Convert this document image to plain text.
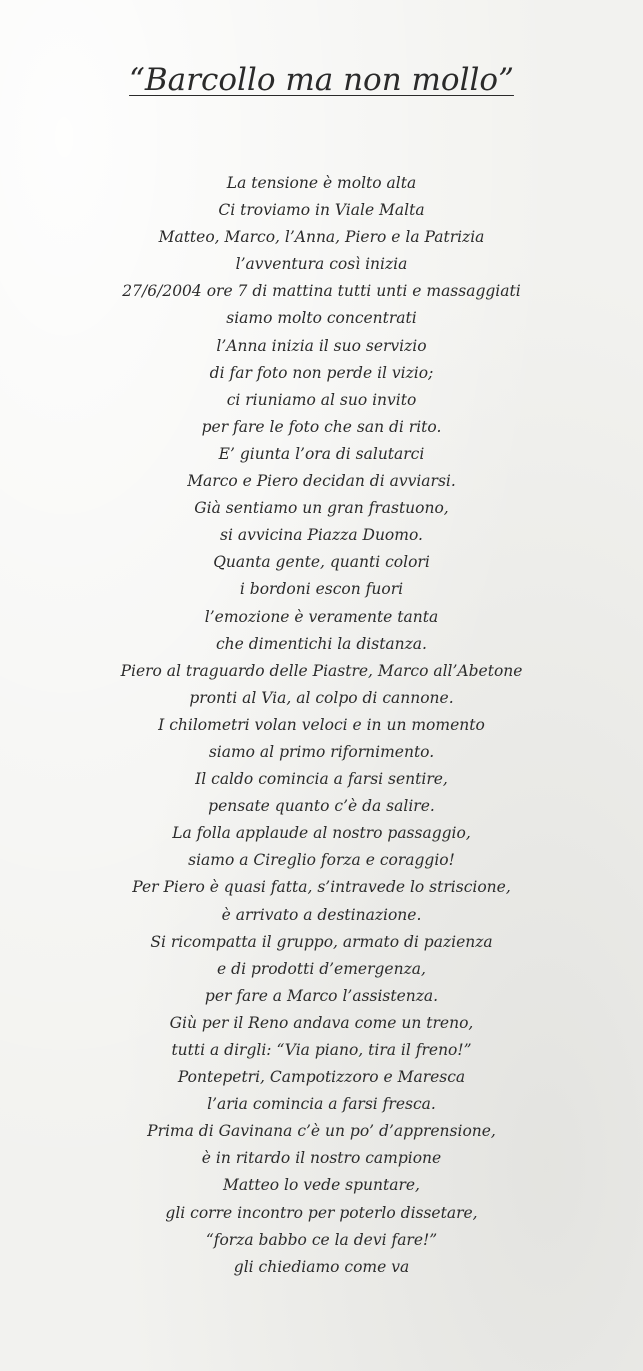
“Barcollo ma non mollo”
La tensione è molto alta
Ci troviamo in Viale Malta
Matteo, Marco, l’Anna, Piero e la Patrizia
l’avventura così inizia
27/6/2004 ore 7 di mattina tutti unti e massaggiati
siamo molto concentrati
l’Anna inizia il suo servizio
di far foto non perde il vizio;
ci riuniamo al suo invito
per fare le foto che san di rito.
E’ giunta l’ora di salutarci
Marco e Piero decidan di avviarsi.
Già sentiamo un gran frastuono,
si avvicina Piazza Duomo.
Quanta gente, quanti colori
i bordoni escon fuori
l’emozione è veramente tanta
che dimentichi la distanza.
Piero al traguardo delle Piastre, Marco all’Abetone
pronti al Via, al colpo di cannone.
I chilometri volan veloci e in un momento
siamo al primo rifornimento.
Il caldo comincia a farsi sentire,
pensate quanto c’è da salire.
La folla applaude al nostro passaggio,
siamo a Cireglio forza e coraggio!
Per Piero è quasi fatta, s’intravede lo striscione,
è arrivato a destinazione.
Si ricompatta il gruppo, armato di pazienza
e di prodotti d’emergenza,
per fare a Marco l’assistenza.
Giù per il Reno andava come un treno,
tutti a dirgli: “Via piano, tira il freno!”
Pontepetri, Campotizzoro e Maresca
l’aria comincia a farsi fresca.
Prima di Gavinana c’è un po’ d’apprensione,
è in ritardo il nostro campione
Matteo lo vede spuntare,
gli corre incontro per poterlo dissetare,
“forza babbo ce la devi fare!”
gli chiediamo come va
